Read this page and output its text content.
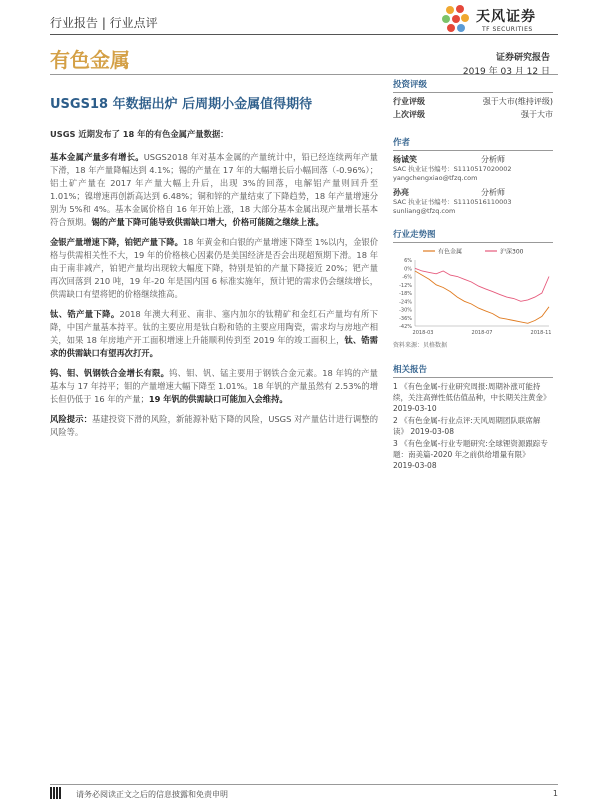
行业报告 | 行业点评	天风证券
TF SECURITIES
有色金属	证券研究报告
2019 年 03 月 12 日
USGS18 年数据出炉 后周期小金属值得期待

USGS 近期发布了 18 年的有色金属产量数据：

基本金属产量多有增长。USGS2018 年对基本金属的产量统计中，铅已经连续两年产量下滑，18 年产量降幅达到 4.1%；锡的产量在 17 年的大幅增长后小幅回落（-0.96%）；铝土矿产量在 2017 年产量大幅上升后，出现 3%的回落，电解铝产量则回升至 1.01%；镍增速再创新高达到 6.48%；铜和锌的产量结束了下降趋势，18 年产量增速分别为 5%和 4%。基本金属价格自 16 年开始上涨，18 大部分基本金属出现产量增长基本符合预期。锡的产量下降可能导致供需缺口增大，价格可能随之继续上涨。

金银产量增速下降，铂钯产量下降。18 年黄金和白银的产量增速下降至 1%以内，金银价格与供需相关性不大，19 年的价格核心因素仍是美国经济是否会出现超预期下滑。18 年由于南非减产，铂钯产量均出现较大幅度下降，特别是铂的产量下降接近 20%；钯产量再次回落到 210 吨，19 年-20 年是国内国 6 标准实施年，预计钯的需求仍会继续增长，供需缺口有望将钯的价格继续推高。

钛、锆产量下降。2018 年澳大利亚、南非、塞内加尔的钛精矿和金红石产量均有所下降，中国产量基本持平。钛的主要应用是钛白粉和锆的主要应用陶瓷，需求均与房地产相关，如果 18 年房地产开工面积增速上升能顺利传到至 2019 年的竣工面积上，钛、锆需求的供需缺口有望再次打开。

钨、钼、钒钢铁合金增长有限。钨、钼、钒、锰主要用于钢铁合金元素。18 年钨的产量基本与 17 年持平；钼的产量增速大幅下降至 1.01%。18 年钒的产量虽然有 2.53%的增长但仍低于 16 年的产量；19 年钒的供需缺口可能加入会维持。

风险提示：基建投资下滑的风险，新能源补贴下降的风险，USGS 对产量估计进行调整的风险等。

投资评级
行业评级	强于大市(维持评级)
上次评级	强于大市
作者
杨诚笑	分析师
SAC 执业证书编号：S1110517020002
yangchengxiao@tfzq.com
孙亮	分析师
SAC 执业证书编号：S1110516110003
sunliang@tfzq.com
行业走势图
有色金属	沪深300
6%
0%
-6%
-12%
-18%
-24%
-30%
-36%
-42%
2018-03	2018-07	2018-11
资料来源：贝格数据
相关报告
1 《有色金属-行业研究周报:周期补涨可能持续，关注高弹性低估值品种，中长期关注黄金》 2019-03-10
2 《有色金属-行业点评:天风周期团队联席解读》 2019-03-08
3 《有色金属-行业专题研究:全球锂资源跟踪专题：南美篇-2020 年之前供给增量有限》 2019-03-08
请务必阅读正文之后的信息披露和免责申明	1
